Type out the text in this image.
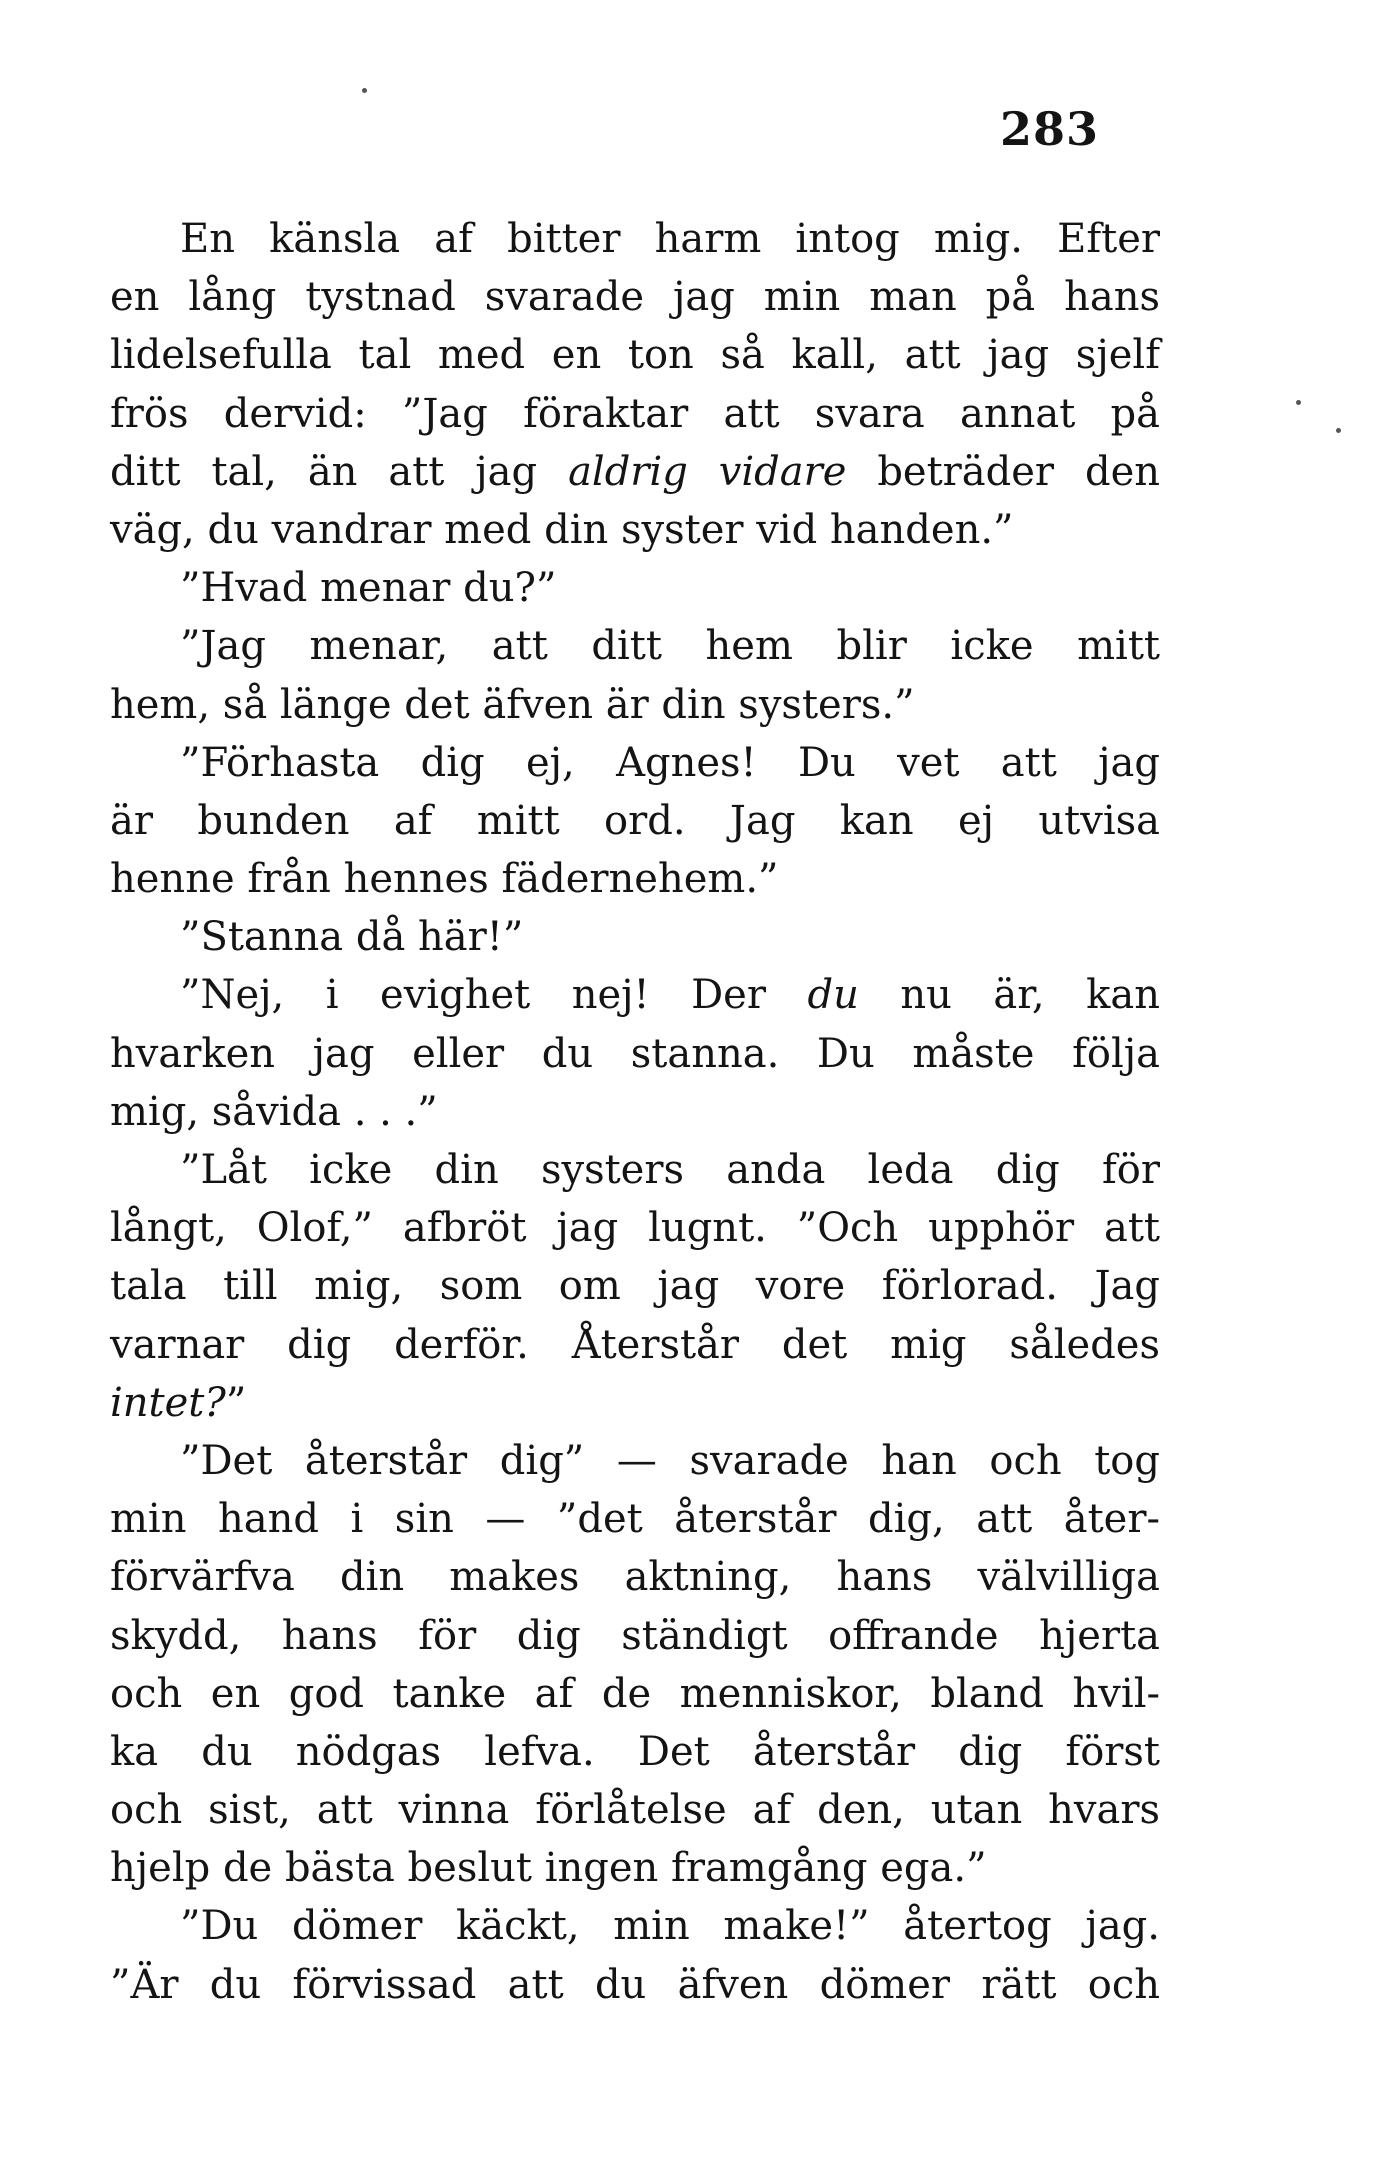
283
En känsla af bitter harm intog mig. Efter
en lång tystnad svarade jag min man på hans
lidelsefulla tal med en ton så kall, att jag sjelf
frös dervid: ”Jag föraktar att svara annat på
ditt tal, än att jag aldrig vidare beträder den
väg, du vandrar med din syster vid handen.”
”Hvad menar du?”
”Jag menar, att ditt hem blir icke mitt
hem, så länge det äfven är din systers.”
”Förhasta dig ej, Agnes! Du vet att jag
är bunden af mitt ord. Jag kan ej utvisa
henne från hennes fädernehem.”
”Stanna då här!”
”Nej, i evighet nej! Der du nu är, kan
hvarken jag eller du stanna. Du måste följa
mig, såvida . . .”
”Låt icke din systers anda leda dig för
långt, Olof,” afbröt jag lugnt. ”Och upphör att
tala till mig, som om jag vore förlorad. Jag
varnar dig derför. Återstår det mig således
intet?”
”Det återstår dig” — svarade han och tog
min hand i sin — ”det återstår dig, att åter-
förvärfva din makes aktning, hans välvilliga
skydd, hans för dig ständigt offrande hjerta
och en god tanke af de menniskor, bland hvil-
ka du nödgas lefva. Det återstår dig först
och sist, att vinna förlåtelse af den, utan hvars
hjelp de bästa beslut ingen framgång ega.”
”Du dömer käckt, min make!” återtog jag.
”Är du förvissad att du äfven dömer rätt och
